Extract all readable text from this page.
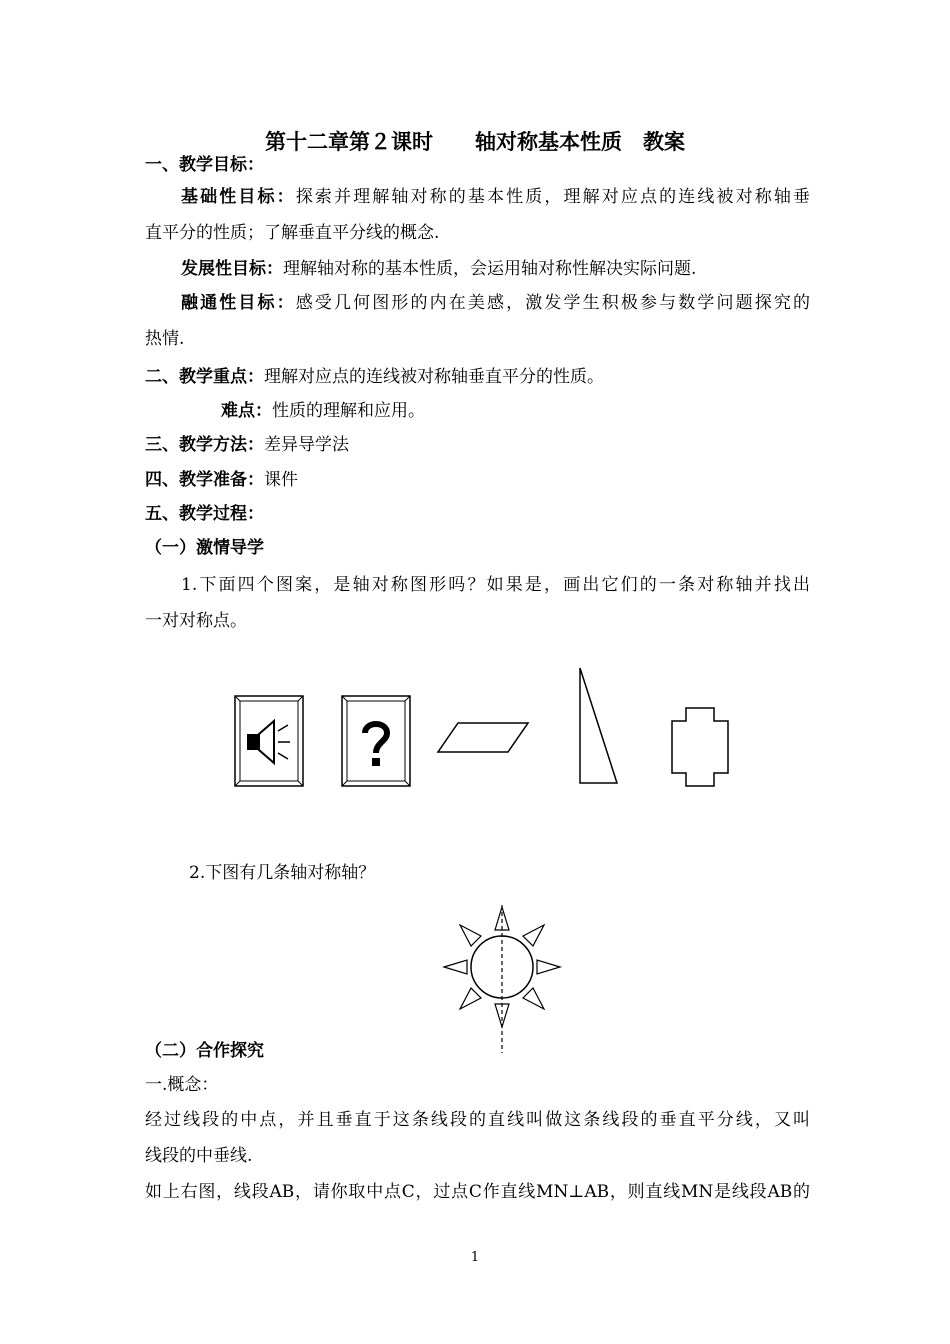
第十二章第２课时　　轴对称基本性质　教案
一、教学目标：
基础性目标：探索并理解轴对称的基本性质，理解对应点的连线被对称轴垂
直平分的性质；了解垂直平分线的概念.
发展性目标：理解轴对称的基本性质，会运用轴对称性解决实际问题.
融通性目标：感受几何图形的内在美感，激发学生积极参与数学问题探究的
热情.
二、教学重点：理解对应点的连线被对称轴垂直平分的性质。
难点：性质的理解和应用。
三、教学方法：差异导学法
四、教学准备：课件
五、教学过程：
（一）激情导学
1.下面四个图案，是轴对称图形吗？如果是，画出它们的一条对称轴并找出
一对对称点。
2.下图有几条轴对称轴？
（二）合作探究
一.概念：
经过线段的中点，并且垂直于这条线段的直线叫做这条线段的垂直平分线，又叫
线段的中垂线.
如上右图，线段AB，请你取中点C，过点C作直线MN⊥AB，则直线MN是线段AB的
1
